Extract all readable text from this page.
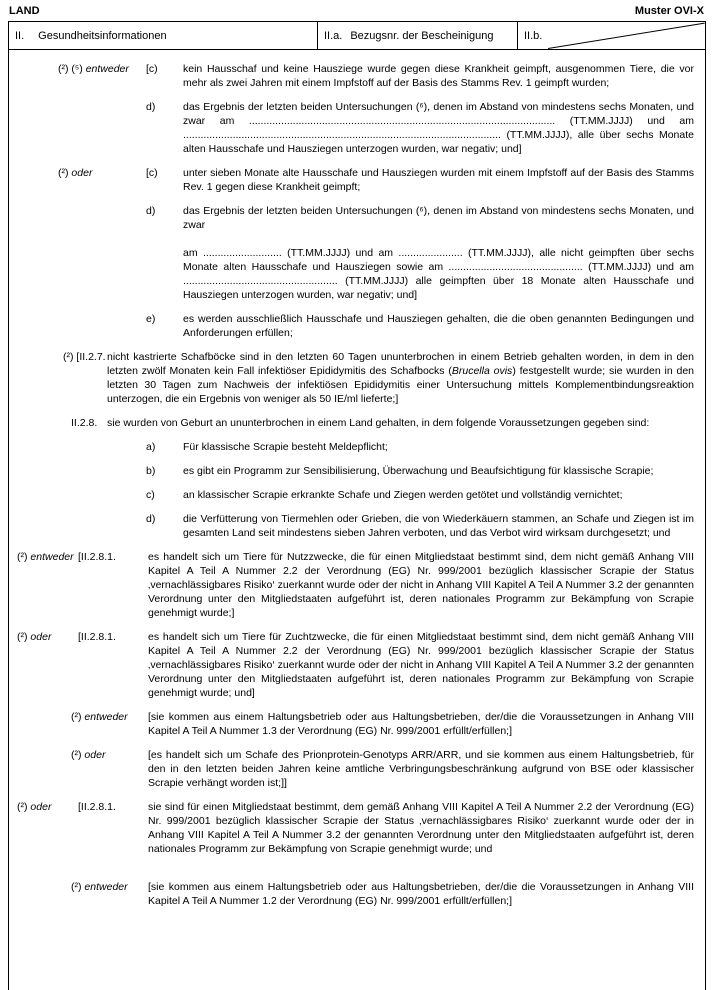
LAND	Muster OVI-X
II. Gesundheitsinformationen	II.a. Bezugsnr. der Bescheinigung	II.b.
(²) (⁵) entweder	[c)	kein Hausschaf und keine Hausziege wurde gegen diese Krankheit geimpft, ausgenommen Tiere, die vor mehr als zwei Jahren mit einem Impfstoff auf der Basis des Stamms Rev. 1 geimpft wurden;
d)	das Ergebnis der letzten beiden Untersuchungen (⁶), denen im Abstand von mindestens sechs Monaten, und zwar am ......................................................................................................... (TT.MM.JJJJ) und am ............................................................................................................. (TT.MM.JJJJ), alle über sechs Monate alten Hausschafe und Hausziegen unterzogen wurden, war negativ; und]
(²) oder	[c)	unter sieben Monate alte Hausschafe und Hausziegen wurden mit einem Impfstoff auf der Basis des Stamms Rev. 1 gegen diese Krankheit geimpft;
d)	das Ergebnis der letzten beiden Untersuchungen (⁶), denen im Abstand von mindestens sechs Monaten, und zwar

am ........................... (TT.MM.JJJJ) und am ...................... (TT.MM.JJJJ), alle nicht geimpften über sechs Monate alten Hausschafe und Hausziegen sowie am .............................................. (TT.MM.JJJJ) und am ..................................................... (TT.MM.JJJJ) alle geimpften über 18 Monate alten Hausschafe und Hausziegen unterzogen wurden, war negativ; und]

e)	es werden ausschließlich Hausschafe und Hausziegen gehalten, die die oben genannten Bedingungen und Anforderungen erfüllen;
(²) [II.2.7. nicht kastrierte Schafböcke sind in den letzten 60 Tagen ununterbrochen in einem Betrieb gehalten worden, in dem in den letzten zwölf Monaten kein Fall infektiöser Epididymitis des Schafbocks (Brucella ovis) festgestellt wurde; sie wurden in den letzten 30 Tagen zum Nachweis der infektiösen Epididymitis einer Untersuchung mittels Komplementbindungsreaktion unterzogen, die ein Ergebnis von weniger als 50 IE/ml lieferte;]
II.2.8. sie wurden von Geburt an ununterbrochen in einem Land gehalten, in dem folgende Voraussetzungen gegeben sind:
a)	Für klassische Scrapie besteht Meldepflicht;
b)	es gibt ein Programm zur Sensibilisierung, Überwachung und Beaufsichtigung für klassische Scrapie;
c)	an klassischer Scrapie erkrankte Schafe und Ziegen werden getötet und vollständig vernichtet;
d)	die Verfütterung von Tiermehlen oder Grieben, die von Wiederkäuern stammen, an Schafe und Ziegen ist im gesamten Land seit mindestens sieben Jahren verboten, und das Verbot wird wirksam durchgesetzt; und
(²) entweder [II.2.8.1.	es handelt sich um Tiere für Nutzzwecke, die für einen Mitgliedstaat bestimmt sind, dem nicht gemäß Anhang VIII Kapitel A Teil A Nummer 2.2 der Verordnung (EG) Nr. 999/2001 bezüglich klassischer Scrapie der Status ‚vernachlässigbares Risiko‘ zuerkannt wurde oder der nicht in Anhang VIII Kapitel A Teil A Nummer 3.2 der genannten Verordnung unter den Mitgliedstaaten aufgeführt ist, deren nationales Programm zur Bekämpfung von Scrapie genehmigt wurde;]
(²) oder	[II.2.8.1.	es handelt sich um Tiere für Zuchtzwecke, die für einen Mitgliedstaat bestimmt sind, dem nicht gemäß Anhang VIII Kapitel A Teil A Nummer 2.2 der Verordnung (EG) Nr. 999/2001 bezüglich klassischer Scrapie der Status ‚vernachlässigbares Risiko‘ zuerkannt wurde oder der nicht in Anhang VIII Kapitel A Teil A Nummer 3.2 der genannten Verordnung unter den Mitgliedstaaten aufgeführt ist, deren nationales Programm zur Bekämpfung von Scrapie genehmigt wurde; und]
(²) entweder	[sie kommen aus einem Haltungsbetrieb oder aus Haltungsbetrieben, der/die die Voraussetzungen in Anhang VIII Kapitel A Teil A Nummer 1.3 der Verordnung (EG) Nr. 999/2001 erfüllt/erfüllen;]
(²) oder	[es handelt sich um Schafe des Prionprotein-Genotyps ARR/ARR, und sie kommen aus einem Haltungsbetrieb, für den in den letzten beiden Jahren keine amtliche Verbringungsbeschränkung aufgrund von BSE oder klassischer Scrapie verhängt worden ist;]]
(²) oder	[II.2.8.1.	sie sind für einen Mitgliedstaat bestimmt, dem gemäß Anhang VIII Kapitel A Teil A Nummer 2.2 der Verordnung (EG) Nr. 999/2001 bezüglich klassischer Scrapie der Status ‚vernachlässigbares Risiko‘ zuerkannt wurde oder der in Anhang VIII Kapitel A Teil A Nummer 3.2 der genannten Verordnung unter den Mitgliedstaaten aufgeführt ist, deren nationales Programm zur Bekämpfung von Scrapie genehmigt wurde; und
(²) entweder	[sie kommen aus einem Haltungsbetrieb oder aus Haltungsbetrieben, der/die die Voraussetzungen in Anhang VIII Kapitel A Teil A Nummer 1.2 der Verordnung (EG) Nr. 999/2001 erfüllt/erfüllen;]
